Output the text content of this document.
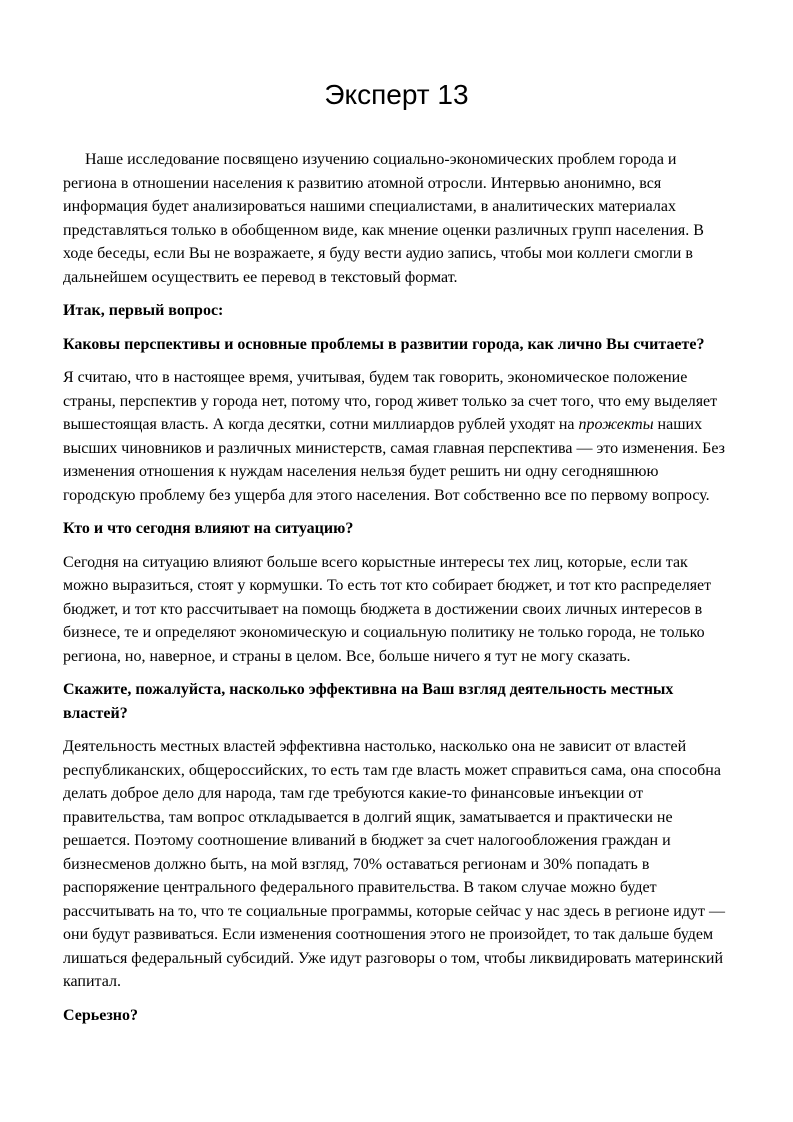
Эксперт 13

Наше исследование посвящено изучению социально-экономических проблем города и региона в отношении населения к развитию атомной отросли. Интервью анонимно, вся информация будет анализироваться нашими специалистами, в аналитических материалах представляться только в обобщенном виде, как мнение оценки различных групп населения. В ходе беседы, если Вы не возражаете, я буду вести аудио запись, чтобы мои коллеги смогли в дальнейшем осуществить ее перевод в текстовый формат.

Итак, первый вопрос:

Каковы перспективы и основные проблемы в развитии города, как лично Вы считаете?

Я считаю, что в настоящее время, учитывая, будем так говорить, экономическое положение страны, перспектив у города нет, потому что, город живет только за счет того, что ему выделяет вышестоящая власть. А когда десятки, сотни миллиардов рублей уходят на прожекты наших высших чиновников и различных министерств, самая главная перспектива — это изменения. Без изменения отношения к нуждам населения нельзя будет решить ни одну сегодняшнюю городскую проблему без ущерба для этого населения. Вот собственно все по первому вопросу.

Кто и что сегодня влияют на ситуацию?

Сегодня на ситуацию влияют больше всего корыстные интересы тех лиц, которые, если так можно выразиться, стоят у кормушки. То есть тот кто собирает бюджет, и тот кто распределяет бюджет, и тот кто рассчитывает на помощь бюджета в достижении своих личных интересов в бизнесе, те и определяют экономическую и социальную политику не только города, не только региона, но, наверное, и страны в целом. Все, больше ничего я тут не могу сказать.

Скажите, пожалуйста, насколько эффективна на Ваш взгляд деятельность местных властей?

Деятельность местных властей эффективна настолько, насколько она не зависит от властей республиканских, общероссийских, то есть там где власть может справиться сама, она способна делать доброе дело для народа, там где требуются какие-то финансовые инъекции от правительства, там вопрос откладывается в долгий ящик, заматывается и практически не решается. Поэтому соотношение вливаний в бюджет за счет налогообложения граждан и бизнесменов должно быть, на мой взгляд, 70% оставаться регионам и 30% попадать в распоряжение центрального федерального правительства. В таком случае можно будет рассчитывать на то, что те социальные программы, которые сейчас у нас здесь в регионе идут — они будут развиваться. Если изменения соотношения этого не произойдет, то так дальше будем лишаться федеральный субсидий. Уже идут разговоры о том, чтобы ликвидировать материнский капитал.

Серьезно?
